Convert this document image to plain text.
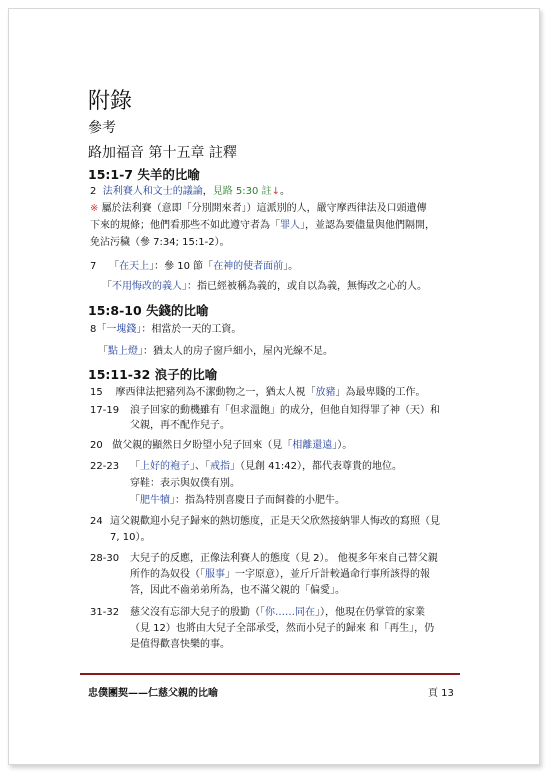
附錄
參考
路加福音 第十五章 註釋
15:1-7 失羊的比喻
2 法利賽人和文士的議論，見路 5:30 註↓。
※ 屬於法利賽（意即「分別開來者」）這派別的人，嚴守摩西律法及口頭遺傳
下來的規條；他們看那些不如此遵守者為「罪人」，並認為要儘量與他們隔開，
免沾污穢（參 7:34; 15:1-2）。
7 「在天上」：參 10 節「在神的使者面前」。
「不用悔改的義人」：指已經被稱為義的，或自以為義，無悔改之心的人。
15:8-10 失錢的比喻
8「一塊錢」：相當於一天的工資。
「點上燈」：猶太人的房子窗戶細小，屋內光線不足。
15:11-32 浪子的比喻
15 摩西律法把豬列為不潔動物之一，猶太人視「放豬」為最卑賤的工作。
17-19 浪子回家的動機雖有「但求溫飽」的成分，但他自知得罪了神（天）和
父親，再不配作兒子。
20 做父親的顯然日夕盼望小兒子回來（見「相離還遠」）。
22-23 「上好的袍子」、「戒指」（見創 41:42），都代表尊貴的地位。
穿鞋：表示與奴僕有別。
「肥牛犢」：指為特別喜慶日子而飼養的小肥牛。
24 這父親歡迎小兒子歸來的熱切態度，正是天父欣然接納罪人悔改的寫照（見
7, 10）。
28-30 大兒子的反應，正像法利賽人的態度（見 2）。 他視多年來自己替父親
所作的為奴役（「服事」一字原意），並斤斤計較過命行事所該得的報
答，因此不齒弟弟所為，也不滿父親的「偏愛」。
31-32 慈父沒有忘卻大兒子的殷勤（「你……同在」），他現在仍掌管的家業
（見 12）也將由大兒子全部承受，然而小兒子的歸來 和「再生」，仍
是值得歡喜快樂的事。
忠僕團契——仁慈父親的比喻	頁 13
